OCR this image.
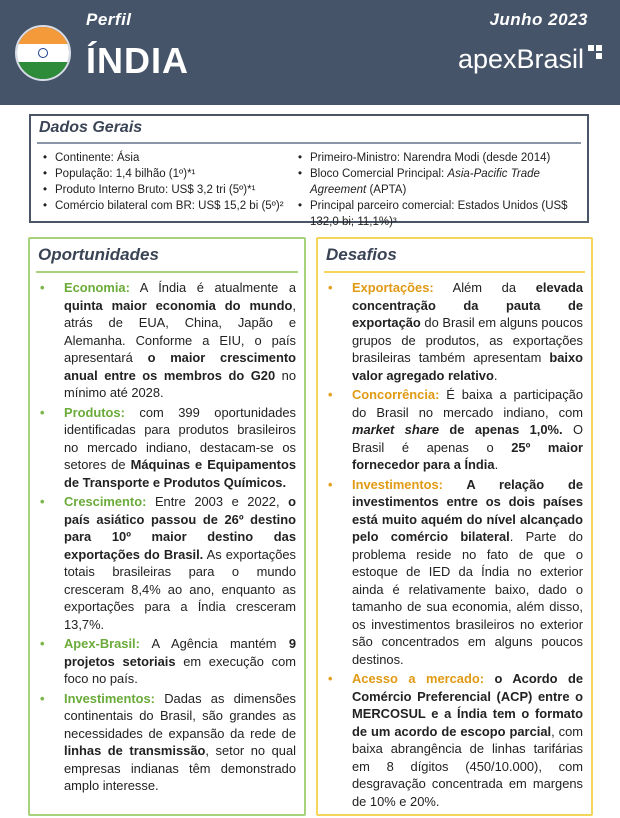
Perfil
ÍNDIA
Junho 2023
apexBrasil
Dados Gerais
• Continente: Ásia
• População: 1,4 bilhão (1º)*¹
• Produto Interno Bruto: US$ 3,2 tri (5º)*¹
• Comércio bilateral com BR: US$ 15,2 bi (5º)²
• Primeiro-Ministro: Narendra Modi (desde 2014)
• Bloco Comercial Principal: Asia-Pacific Trade Agreement (APTA)
• Principal parceiro comercial: Estados Unidos (US$ 132,0 bi; 11,1%)³
Oportunidades
• Economia: A Índia é atualmente a quinta maior economia do mundo, atrás de EUA, China, Japão e Alemanha. Conforme a EIU, o país apresentará o maior crescimento anual entre os membros do G20 no mínimo até 2028.
• Produtos: com 399 oportunidades identificadas para produtos brasileiros no mercado indiano, destacam-se os setores de Máquinas e Equipamentos de Transporte e Produtos Químicos.
• Crescimento: Entre 2003 e 2022, o país asiático passou de 26º destino para 10º maior destino das exportações do Brasil. As exportações totais brasileiras para o mundo cresceram 8,4% ao ano, enquanto as exportações para a Índia cresceram 13,7%.
• Apex-Brasil: A Agência mantém 9 projetos setoriais em execução com foco no país.
• Investimentos: Dadas as dimensões continentais do Brasil, são grandes as necessidades de expansão da rede de linhas de transmissão, setor no qual empresas indianas têm demonstrado amplo interesse.
Desafios
• Exportações: Além da elevada concentração da pauta de exportação do Brasil em alguns poucos grupos de produtos, as exportações brasileiras também apresentam baixo valor agregado relativo.
• Concorrência: É baixa a participação do Brasil no mercado indiano, com market share de apenas 1,0%. O Brasil é apenas o 25º maior fornecedor para a Índia.
• Investimentos: A relação de investimentos entre os dois países está muito aquém do nível alcançado pelo comércio bilateral. Parte do problema reside no fato de que o estoque de IED da Índia no exterior ainda é relativamente baixo, dado o tamanho de sua economia, além disso, os investimentos brasileiros no exterior são concentrados em alguns poucos destinos.
• Acesso a mercado: o Acordo de Comércio Preferencial (ACP) entre o MERCOSUL e a Índia tem o formato de um acordo de escopo parcial, com baixa abrangência de linhas tarifárias em 8 dígitos (450/10.000), com desgravação concentrada em margens de 10% e 20%.
